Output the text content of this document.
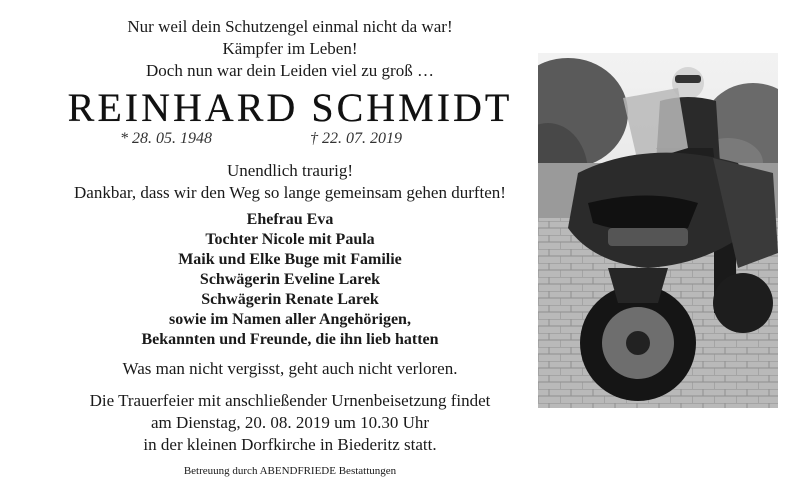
Nur weil dein Schutzengel einmal nicht da war!

Kämpfer im Leben!

Doch nun war dein Leiden viel zu groß …

REINHARD SCHMIDT
* 28. 05. 1948	† 22. 07. 2019

Unendlich traurig!

Dankbar, dass wir den Weg so lange gemeinsam gehen durften!

Ehefrau Eva

Tochter Nicole mit Paula

Maik und Elke Buge mit Familie

Schwägerin Eveline Larek

Schwägerin Renate Larek

sowie im Namen aller Angehörigen,

Bekannten und Freunde, die ihn lieb hatten

Was man nicht vergisst, geht auch nicht verloren.

Die Trauerfeier mit anschließender Urnenbeisetzung findet

am Dienstag, 20. 08. 2019 um 10.30 Uhr

in der kleinen Dorfkirche in Biederitz statt.

Betreuung durch ABENDFRIEDE Bestattungen
